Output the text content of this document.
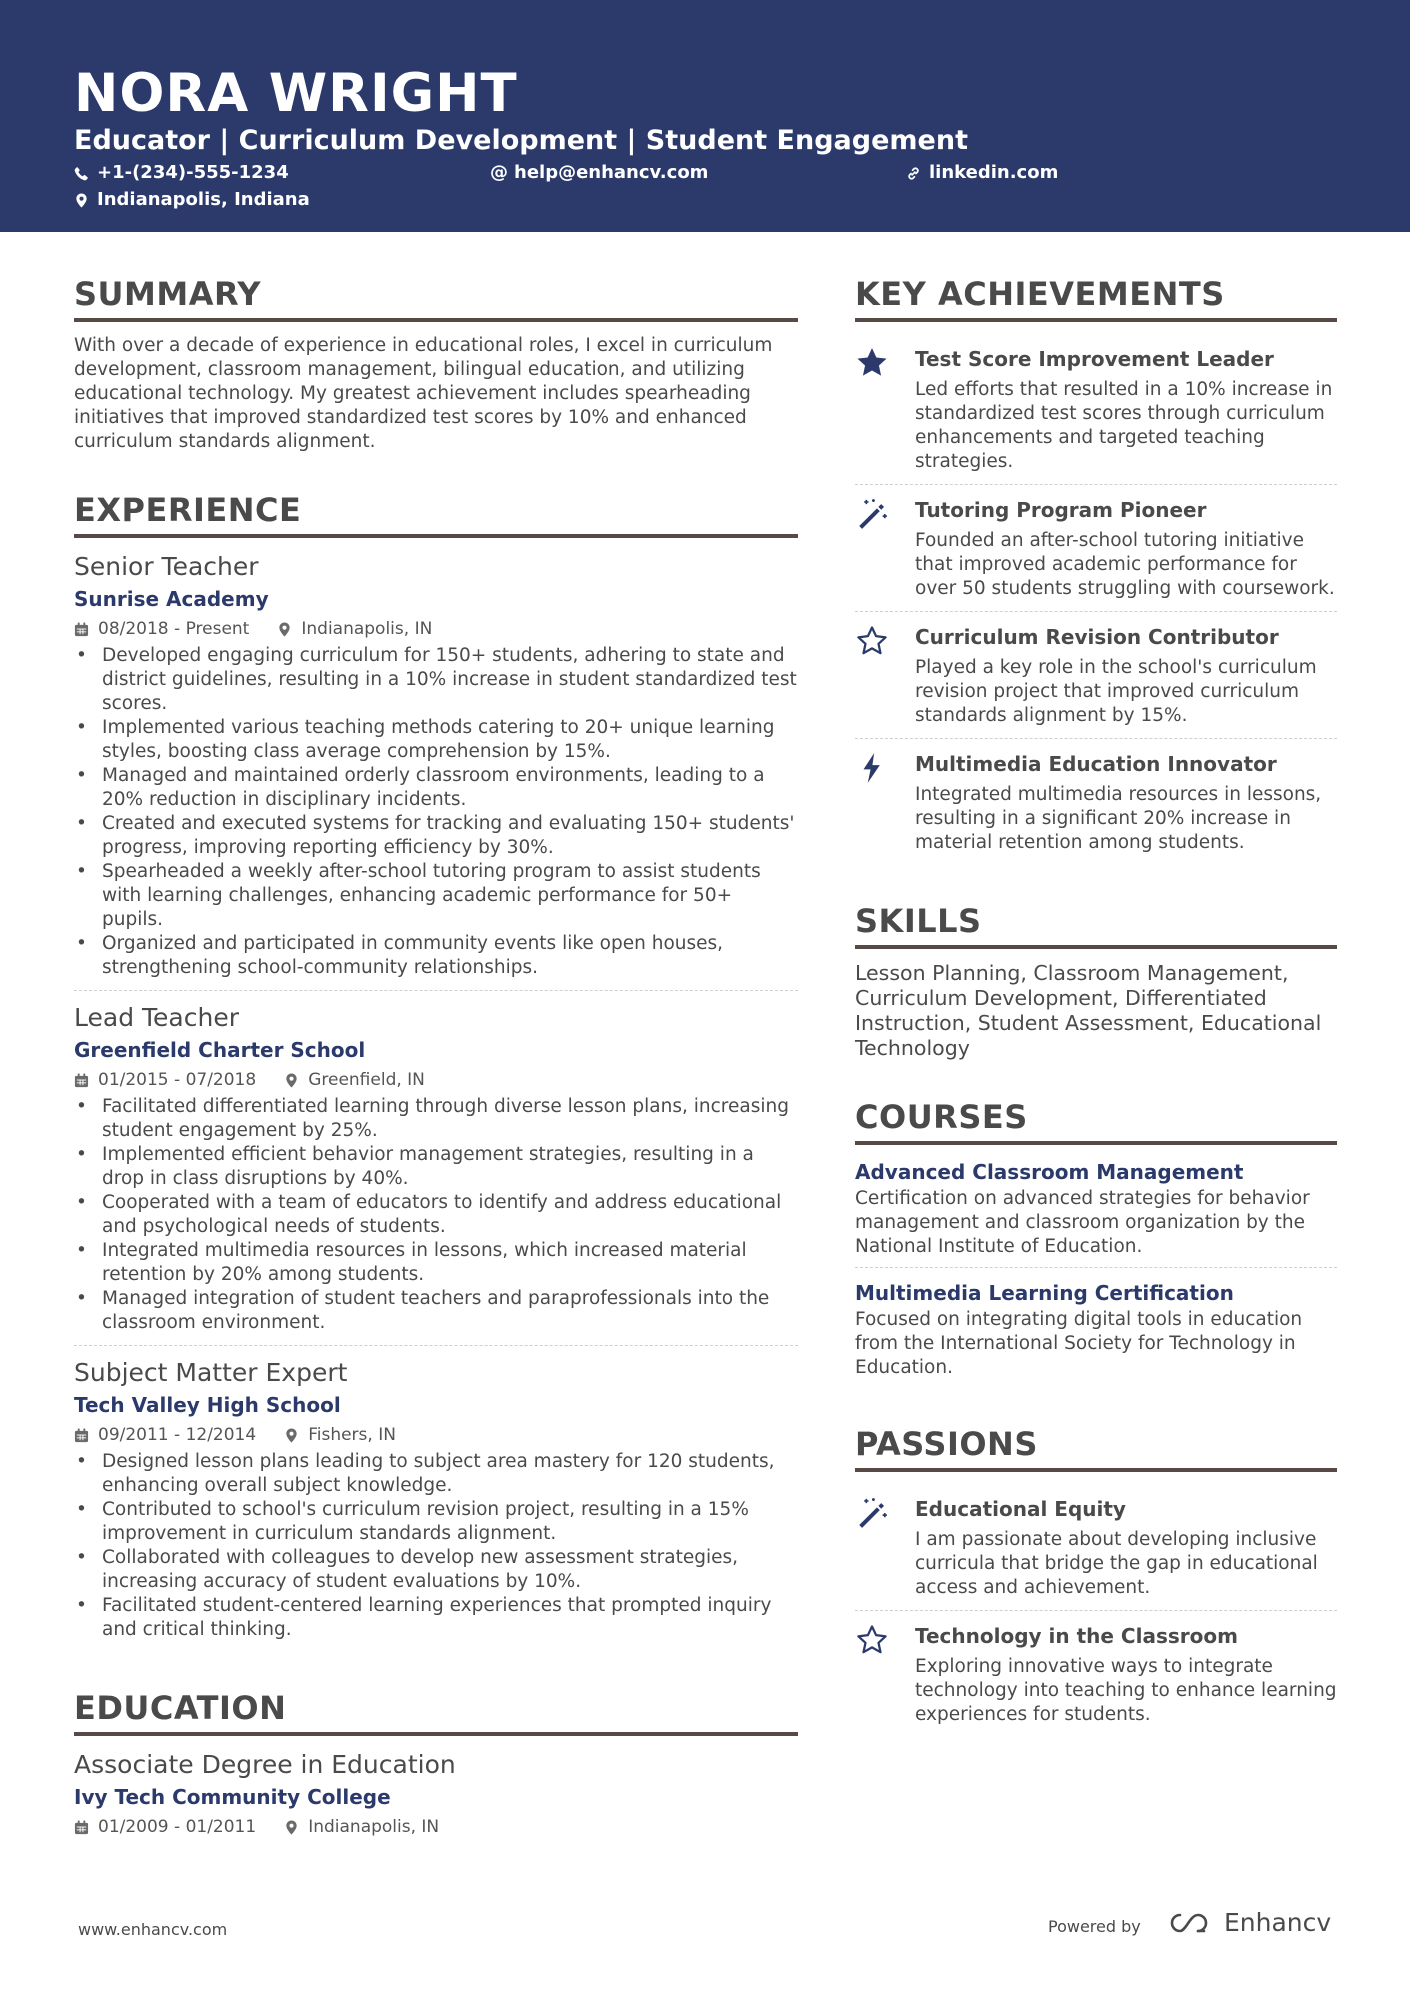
NORA WRIGHT
Educator | Curriculum Development | Student Engagement
+1-(234)-555-1234	@ help@enhancv.com	linkedin.com
Indianapolis, Indiana
SUMMARY
With over a decade of experience in educational roles, I excel in curriculum development, classroom management, bilingual education, and utilizing educational technology. My greatest achievement includes spearheading initiatives that improved standardized test scores by 10% and enhanced curriculum standards alignment.
EXPERIENCE
Senior Teacher
Sunrise Academy
08/2018 - Present	Indianapolis, IN
• Developed engaging curriculum for 150+ students, adhering to state and district guidelines, resulting in a 10% increase in student standardized test scores.
• Implemented various teaching methods catering to 20+ unique learning styles, boosting class average comprehension by 15%.
• Managed and maintained orderly classroom environments, leading to a 20% reduction in disciplinary incidents.
• Created and executed systems for tracking and evaluating 150+ students' progress, improving reporting efficiency by 30%.
• Spearheaded a weekly after-school tutoring program to assist students with learning challenges, enhancing academic performance for 50+ pupils.
• Organized and participated in community events like open houses, strengthening school-community relationships.
Lead Teacher
Greenfield Charter School
01/2015 - 07/2018	Greenfield, IN
• Facilitated differentiated learning through diverse lesson plans, increasing student engagement by 25%.
• Implemented efficient behavior management strategies, resulting in a drop in class disruptions by 40%.
• Cooperated with a team of educators to identify and address educational and psychological needs of students.
• Integrated multimedia resources in lessons, which increased material retention by 20% among students.
• Managed integration of student teachers and paraprofessionals into the classroom environment.
Subject Matter Expert
Tech Valley High School
09/2011 - 12/2014	Fishers, IN
• Designed lesson plans leading to subject area mastery for 120 students, enhancing overall subject knowledge.
• Contributed to school's curriculum revision project, resulting in a 15% improvement in curriculum standards alignment.
• Collaborated with colleagues to develop new assessment strategies, increasing accuracy of student evaluations by 10%.
• Facilitated student-centered learning experiences that prompted inquiry and critical thinking.
EDUCATION
Associate Degree in Education
Ivy Tech Community College
01/2009 - 01/2011	Indianapolis, IN
KEY ACHIEVEMENTS
Test Score Improvement Leader
Led efforts that resulted in a 10% increase in standardized test scores through curriculum enhancements and targeted teaching strategies.
Tutoring Program Pioneer
Founded an after-school tutoring initiative that improved academic performance for over 50 students struggling with coursework.
Curriculum Revision Contributor
Played a key role in the school's curriculum revision project that improved curriculum standards alignment by 15%.
Multimedia Education Innovator
Integrated multimedia resources in lessons, resulting in a significant 20% increase in material retention among students.
SKILLS
Lesson Planning, Classroom Management, Curriculum Development, Differentiated Instruction, Student Assessment, Educational Technology
COURSES
Advanced Classroom Management
Certification on advanced strategies for behavior management and classroom organization by the National Institute of Education.
Multimedia Learning Certification
Focused on integrating digital tools in education from the International Society for Technology in Education.
PASSIONS
Educational Equity
I am passionate about developing inclusive curricula that bridge the gap in educational access and achievement.
Technology in the Classroom
Exploring innovative ways to integrate technology into teaching to enhance learning experiences for students.
www.enhancv.com	Powered by	Enhancv
